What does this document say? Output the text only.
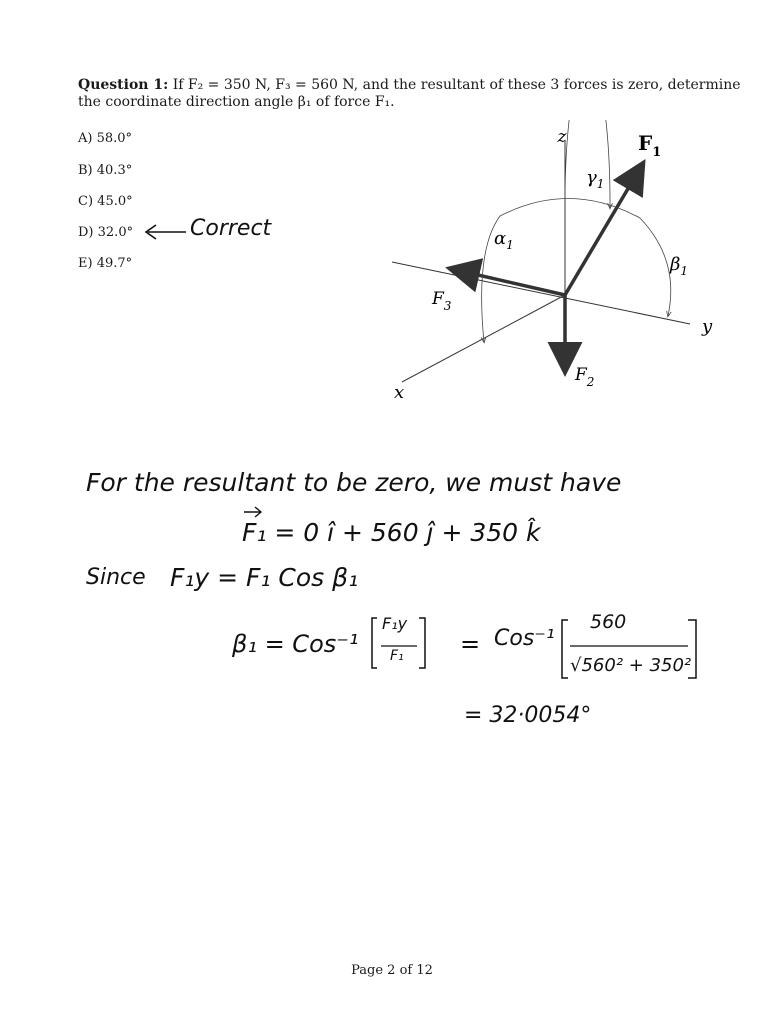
Question 1: If F₂ = 350 N, F₃ = 560 N, and the resultant of these 3 forces is zero, determine
the coordinate direction angle β₁ of force F₁.
A) 58.0°
B) 40.3°
C) 45.0°
D) 32.0°
E) 49.7°
Correct
z
y
x
$F_1$
$F_2$
$F_3$
$\gamma_1$
$\alpha_1$
$\beta_1$
For the resultant to be zero, we must have
F₁ = 0 î + 560 ĵ + 350 k̂
Since F₁y = F₁ Cos β₁
β₁ = Cos⁻¹
F₁y
F₁ = Cos⁻¹
560
√560² + 350²
= 32·0054°
Page 2 of 12
